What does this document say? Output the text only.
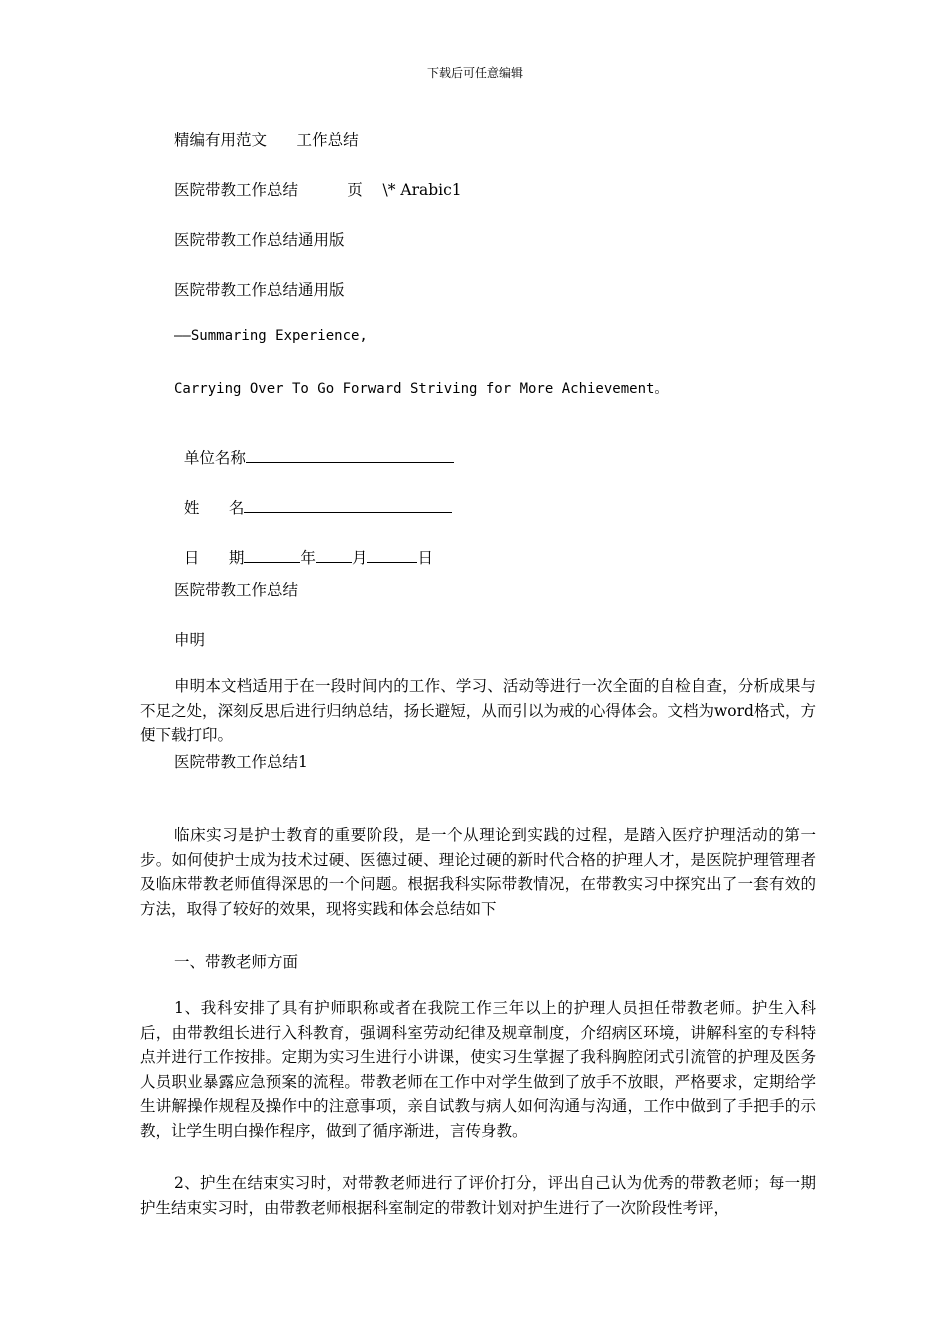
下载后可任意编辑
精编有用范文      工作总结
医院带教工作总结          页    \* Arabic1
医院带教工作总结通用版
医院带教工作总结通用版
——Summaring Experience,
Carrying Over To Go Forward Striving for More Achievement。

单位名称

姓      名

日      期	年 月	日

医院带教工作总结
申明
申明本文档适用于在一段时间内的工作、学习、活动等进行一次全面的自检自查，分析成果与不足之处，深刻反思后进行归纳总结，扬长避短，从而引以为戒的心得体会。文档为word格式，方便下载打印。
医院带教工作总结1
临床实习是护士教育的重要阶段，是一个从理论到实践的过程，是踏入医疗护理活动的第一步。如何使护士成为技术过硬、医德过硬、理论过硬的新时代合格的护理人才，是医院护理管理者及临床带教老师值得深思的一个问题。根据我科实际带教情况，在带教实习中探究出了一套有效的方法，取得了较好的效果，现将实践和体会总结如下
一、带教老师方面
1、我科安排了具有护师职称或者在我院工作三年以上的护理人员担任带教老师。护生入科后，由带教组长进行入科教育，强调科室劳动纪律及规章制度，介绍病区环境，讲解科室的专科特点并进行工作按排。定期为实习生进行小讲课，使实习生掌握了我科胸腔闭式引流管的护理及医务人员职业暴露应急预案的流程。带教老师在工作中对学生做到了放手不放眼，严格要求，定期给学生讲解操作规程及操作中的注意事项，亲自试教与病人如何沟通与沟通，工作中做到了手把手的示教，让学生明白操作程序，做到了循序渐进，言传身教。
2、护生在结束实习时，对带教老师进行了评价打分，评出自己认为优秀的带教老师；每一期护生结束实习时，由带教老师根据科室制定的带教计划对护生进行了一次阶段性考评，
